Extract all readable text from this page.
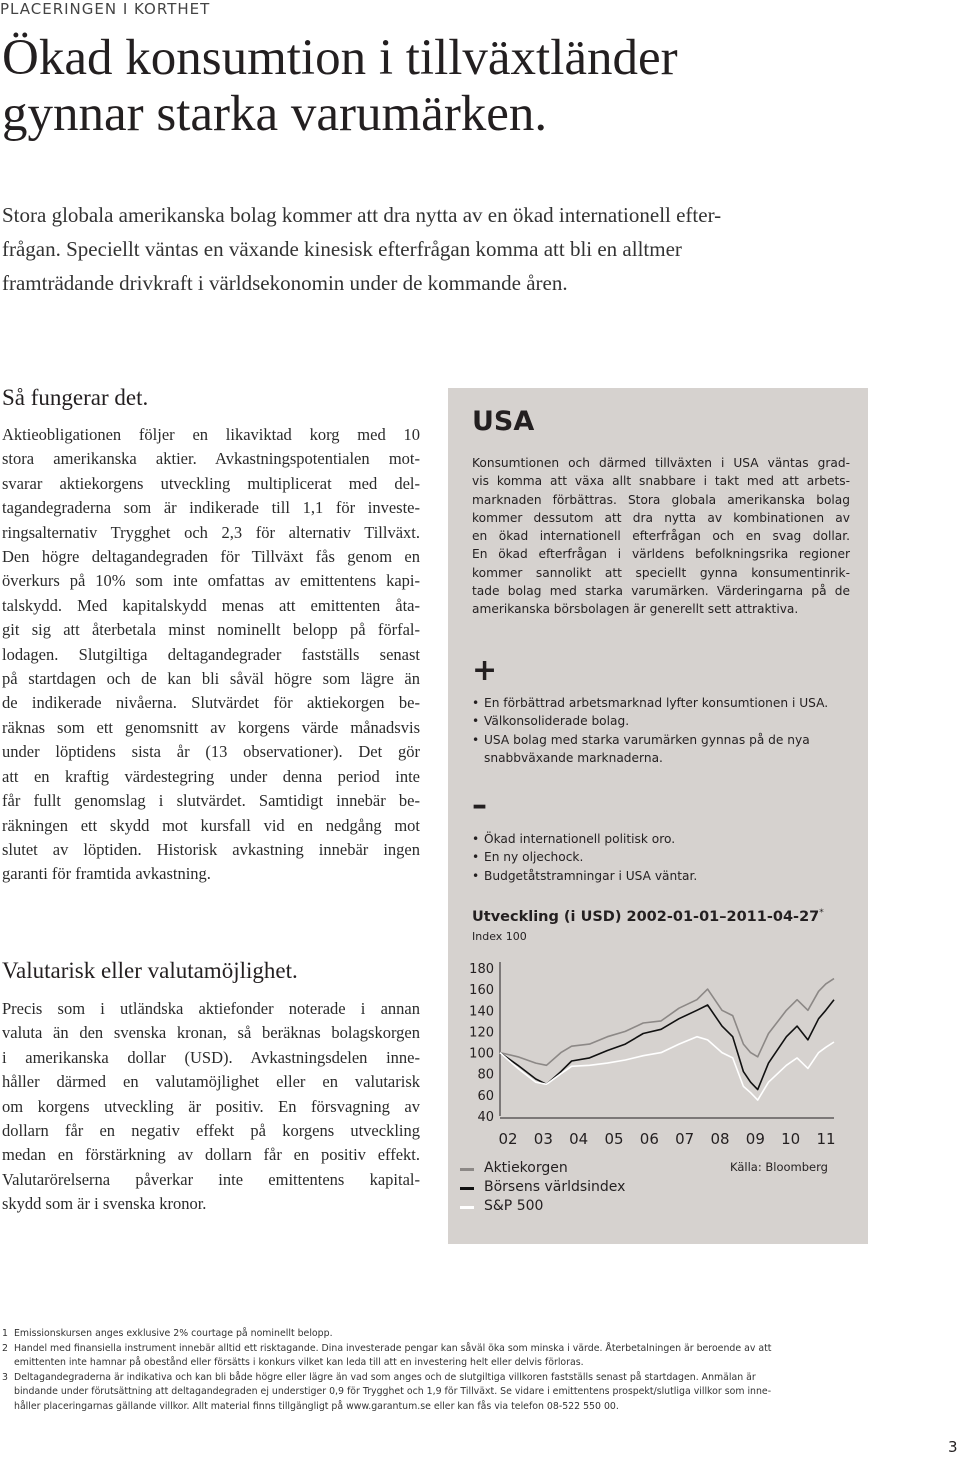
PLACERINGEN I KORTHET
Ökad konsumtion i tillväxtländer
gynnar starka varumärken.

Stora globala amerikanska bolag kommer att dra nytta av en ökad internationell efter-
frågan. Speciellt väntas en växande kinesisk efterfrågan komma att bli en alltmer
framträdande drivkraft i världsekonomin under de kommande åren.

Så fungerar det.

Aktieobligationen följer en likaviktad korg med 10
stora amerikanska aktier. Avkastningspotentialen mot-
svarar aktiekorgens utveckling multiplicerat med del-
tagandegraderna som är indikerade till 1,1 för investe-
ringsalternativ Trygghet och 2,3 för alternativ Tillväxt.
Den högre deltagandegraden för Tillväxt fås genom en
överkurs på 10% som inte omfattas av emittentens kapi-
talskydd. Med kapitalskydd menas att emittenten åta-
git sig att återbetala minst nominellt belopp på förfal-
lodagen. Slutgiltiga deltagandegrader fastställs senast
på startdagen och de kan bli såväl högre som lägre än
de indikerade nivåerna. Slutvärdet för aktiekorgen be-
räknas som ett genomsnitt av korgens värde månadsvis
under löptidens sista år (13 observationer). Det gör
att en kraftig värdestegring under denna period inte
får fullt genomslag i slutvärdet. Samtidigt innebär be-
räkningen ett skydd mot kursfall vid en nedgång mot
slutet av löptiden. Historisk avkastning innebär ingen
garanti för framtida avkastning.

Valutarisk eller valutamöjlighet.

Precis som i utländska aktiefonder noterade i annan
valuta än den svenska kronan, så beräknas bolagskorgen
i amerikanska dollar (USD). Avkastningsdelen inne-
håller därmed en valutamöjlighet eller en valutarisk
om korgens utveckling är positiv. En försvagning av
dollarn får en negativ effekt på korgens utveckling
medan en förstärkning av dollarn får en positiv effekt.
Valutarörelserna påverkar inte emittentens kapital-
skydd som är i svenska kronor.

USA

Konsumtionen och därmed tillväxten i USA väntas grad-
vis komma att växa allt snabbare i takt med att arbets-
marknaden förbättras. Stora globala amerikanska bolag
kommer dessutom att dra nytta av kombinationen av
en ökad internationell efterfrågan och en svag dollar.
En ökad efterfrågan i världens befolkningsrika regioner
kommer sannolikt att speciellt gynna konsumentinrik-
tade bolag med starka varumärken. Värderingarna på de
amerikanska börsbolagen är generellt sett attraktiva.

+
• En förbättrad arbetsmarknad lyfter konsumtionen i USA.
• Välkonsoliderade bolag.
• USA bolag med starka varumärken gynnas på de nya snabbväxande marknaderna.
–
• Ökad internationell politisk oro.
• En ny oljechock.
• Budgetåtstramningar i USA väntar.
Utveckling (i USD) 2002-01-01–2011-04-27*
Index 100
180
160
140
120
100
80
60
40
02 03 04 05 06 07 08 09 10 11
Källa: Bloomberg
Aktiekorgen
Börsens världsindex
S&P 500
1 Emissionskursen anges exklusive 2% courtage på nominellt belopp.
2 Handel med finansiella instrument innebär alltid ett risktagande. Dina investerade pengar kan såväl öka som minska i värde. Återbetalningen är beroende av att
emittenten inte hamnar på obestånd eller försätts i konkurs vilket kan leda till att en investering helt eller delvis förloras.
3 Deltagandegraderna är indikativa och kan bli både högre eller lägre än vad som anges och de slutgiltiga villkoren fastställs senast på startdagen. Anmälan är
bindande under förutsättning att deltagandegraden ej understiger 0,9 för Trygghet och 1,9 för Tillväxt. Se vidare i emittentens prospekt/slutliga villkor som inne-
håller placeringarnas gällande villkor. Allt material finns tillgängligt på www.garantum.se eller kan fås via telefon 08-522 550 00.
3
